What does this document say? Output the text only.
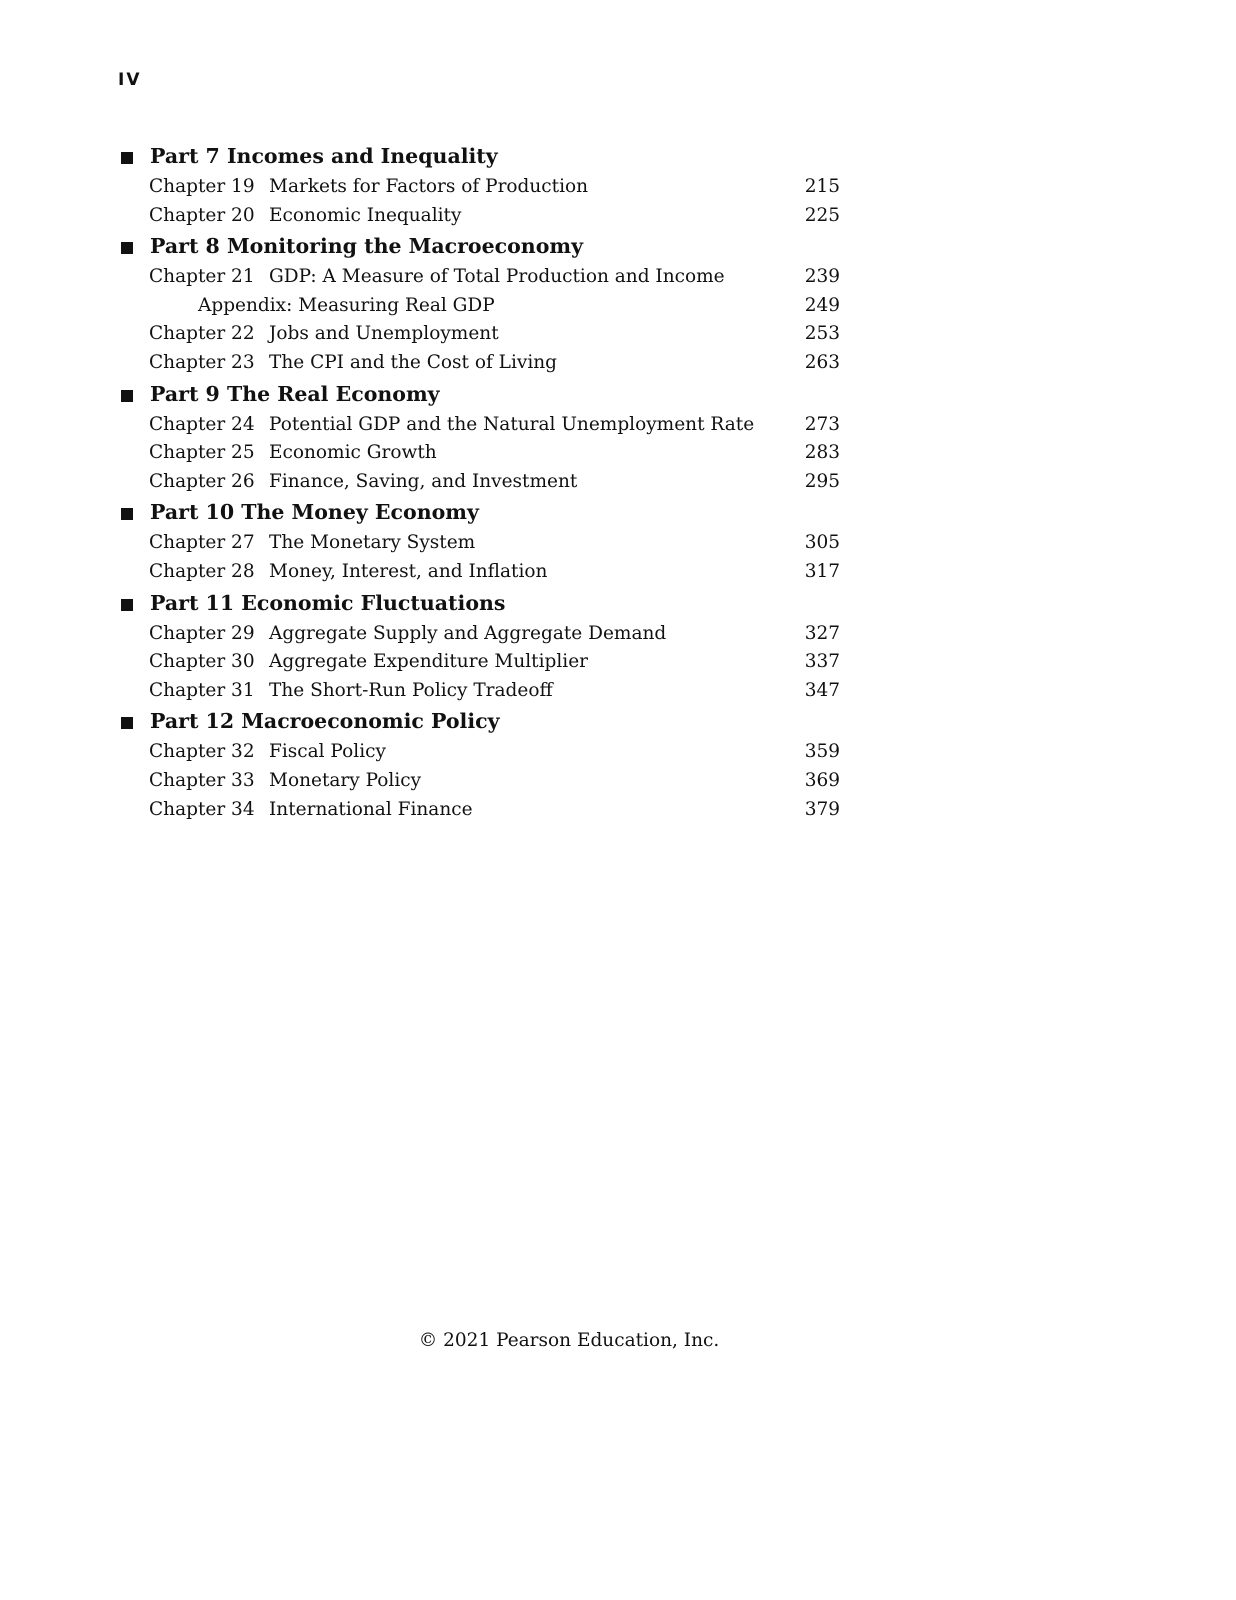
IV
Part 7 Incomes and Inequality
Chapter 19 Markets for Factors of Production	215
Chapter 20 Economic Inequality	225
Part 8 Monitoring the Macroeconomy
Chapter 21 GDP: A Measure of Total Production and Income	239
Appendix: Measuring Real GDP	249
Chapter 22 Jobs and Unemployment	253
Chapter 23 The CPI and the Cost of Living	263
Part 9 The Real Economy
Chapter 24 Potential GDP and the Natural Unemployment Rate	273
Chapter 25 Economic Growth	283
Chapter 26 Finance, Saving, and Investment	295
Part 10 The Money Economy
Chapter 27 The Monetary System	305
Chapter 28 Money, Interest, and Inflation	317
Part 11 Economic Fluctuations
Chapter 29 Aggregate Supply and Aggregate Demand	327
Chapter 30 Aggregate Expenditure Multiplier	337
Chapter 31 The Short-Run Policy Tradeoff	347
Part 12 Macroeconomic Policy
Chapter 32 Fiscal Policy	359
Chapter 33 Monetary Policy	369
Chapter 34 International Finance	379
© 2021 Pearson Education, Inc.
